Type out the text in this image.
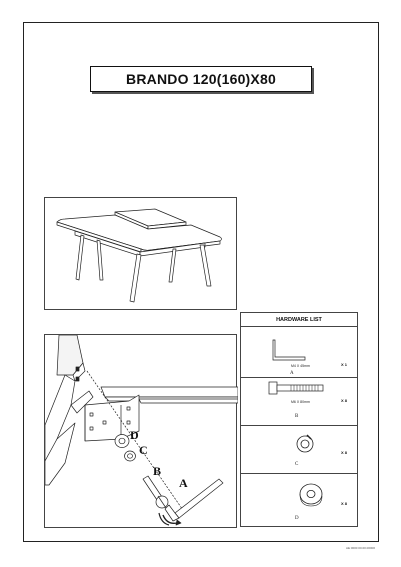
BRANDO 120(160)X80
D
C
B
A
HARDWARE LIST
M4 X 45mm	X 1
A
M6 X 80mm	X 8
B
X 8
C
X 8
D
AE 0000 00.00.00000
